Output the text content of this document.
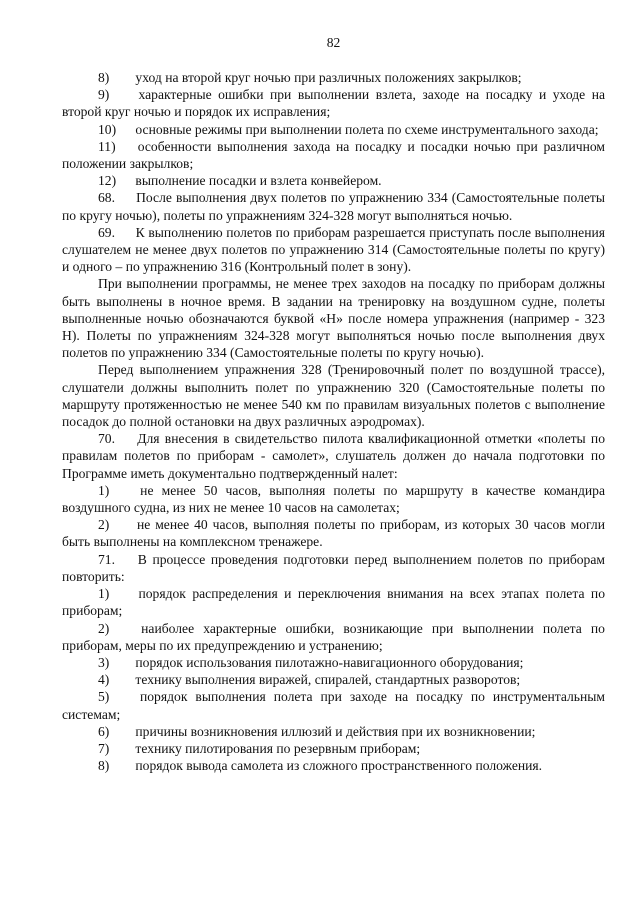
82

8) уход на второй круг ночью при различных положениях закрылков;

9) характерные ошибки при выполнении взлета, заходе на посадку и уходе на второй круг ночью и порядок их исправления;

10) основные режимы при выполнении полета по схеме инструментального захода;

11) особенности выполнения захода на посадку и посадки ночью при различном положении закрылков;

12) выполнение посадки и взлета конвейером.

68. После выполнения двух полетов по упражнению 334 (Самостоятельные полеты по кругу ночью), полеты по упражнениям 324-328 могут выполняться ночью.

69. К выполнению полетов по приборам разрешается приступать после выполнения слушателем не менее двух полетов по упражнению 314 (Самостоятельные полеты по кругу) и одного – по упражнению 316 (Контрольный полет в зону).

При выполнении программы, не менее трех заходов на посадку по приборам должны быть выполнены в ночное время. В задании на тренировку на воздушном судне, полеты выполненные ночью обозначаются буквой «Н» после номера упражнения (например - 323 Н). Полеты по упражнениям 324-328 могут выполняться ночью после выполнения двух полетов по упражнению 334 (Самостоятельные полеты по кругу ночью).

Перед выполнением упражнения 328 (Тренировочный полет по воздушной трассе), слушатели должны выполнить полет по упражнению 320 (Самостоятельные полеты по маршруту протяженностью не менее 540 км по правилам визуальных полетов с выполнение посадок до полной остановки на двух различных аэродромах).

70. Для внесения в свидетельство пилота квалификационной отметки «полеты по правилам полетов по приборам - самолет», слушатель должен до начала подготовки по Программе иметь документально подтвержденный налет:

1) не менее 50 часов, выполняя полеты по маршруту в качестве командира воздушного судна, из них не менее 10 часов на самолетах;

2) не менее 40 часов, выполняя полеты по приборам, из которых 30 часов могли быть выполнены на комплексном тренажере.

71. В процессе проведения подготовки перед выполнением полетов по приборам повторить:

1) порядок распределения и переключения внимания на всех этапах полета по приборам;

2) наиболее характерные ошибки, возникающие при выполнении полета по приборам, меры по их предупреждению и устранению;

3) порядок использования пилотажно-навигационного оборудования;

4) технику выполнения виражей, спиралей, стандартных разворотов;

5) порядок выполнения полета при заходе на посадку по инструментальным системам;

6) причины возникновения иллюзий и действия при их возникновении;

7) технику пилотирования по резервным приборам;

8) порядок вывода самолета из сложного пространственного положения.
